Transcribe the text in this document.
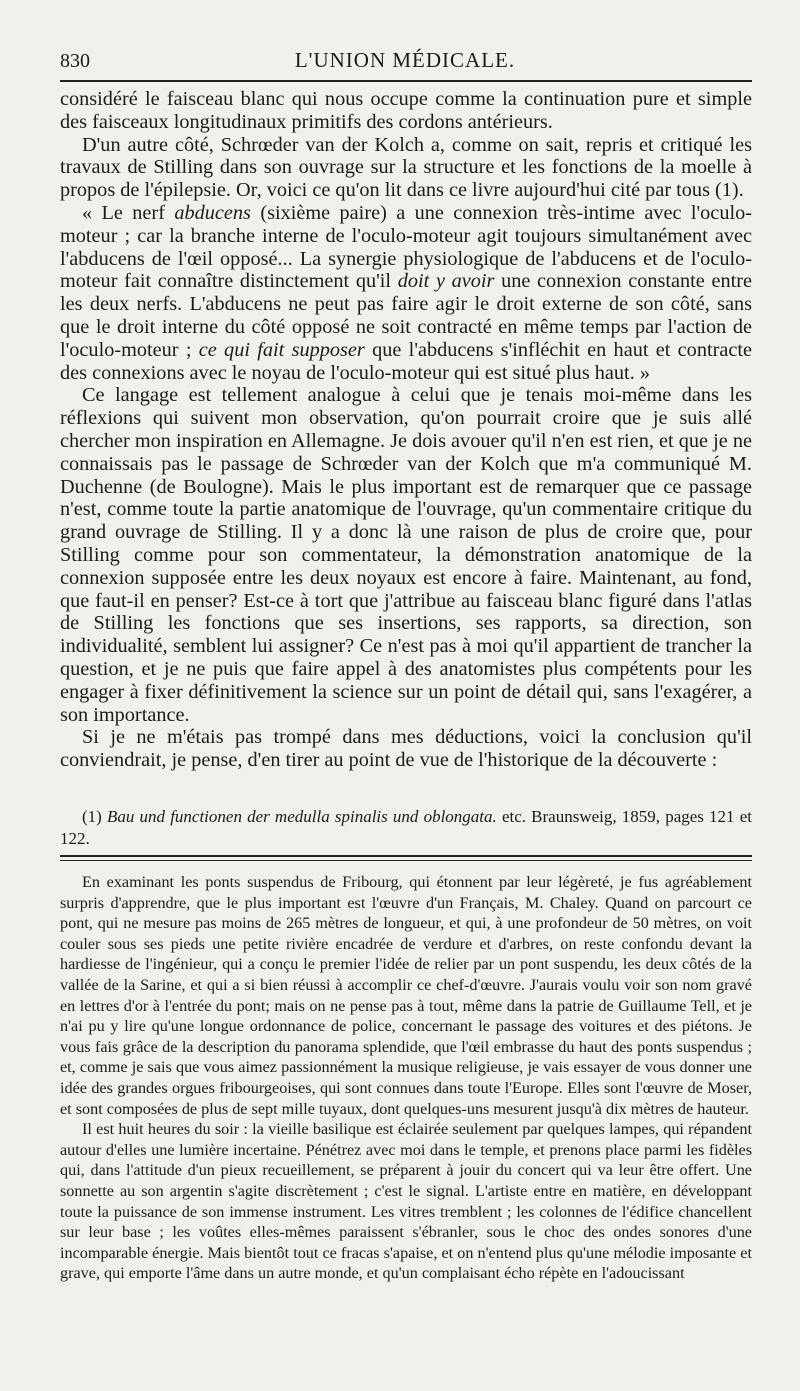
830	L'UNION MÉDICALE.

considéré le faisceau blanc qui nous occupe comme la continuation pure et simple des faisceaux longitudinaux primitifs des cordons antérieurs.

D'un autre côté, Schrœder van der Kolch a, comme on sait, repris et critiqué les travaux de Stilling dans son ouvrage sur la structure et les fonctions de la moelle à propos de l'épilepsie. Or, voici ce qu'on lit dans ce livre aujourd'hui cité par tous (1).

« Le nerf abducens (sixième paire) a une connexion très-intime avec l'oculo-moteur ; car la branche interne de l'oculo-moteur agit toujours simultanément avec l'abducens de l'œil opposé... La synergie physiologique de l'abducens et de l'oculo-moteur fait connaître distinctement qu'il doit y avoir une connexion constante entre les deux nerfs. L'abducens ne peut pas faire agir le droit externe de son côté, sans que le droit interne du côté opposé ne soit contracté en même temps par l'action de l'oculo-moteur ; ce qui fait supposer que l'abducens s'infléchit en haut et contracte des connexions avec le noyau de l'oculo-moteur qui est situé plus haut. »

Ce langage est tellement analogue à celui que je tenais moi-même dans les réflexions qui suivent mon observation, qu'on pourrait croire que je suis allé chercher mon inspiration en Allemagne. Je dois avouer qu'il n'en est rien, et que je ne connaissais pas le passage de Schrœder van der Kolch que m'a communiqué M. Duchenne (de Boulogne). Mais le plus important est de remarquer que ce passage n'est, comme toute la partie anatomique de l'ouvrage, qu'un commentaire critique du grand ouvrage de Stilling. Il y a donc là une raison de plus de croire que, pour Stilling comme pour son commentateur, la démonstration anatomique de la connexion supposée entre les deux noyaux est encore à faire. Maintenant, au fond, que faut-il en penser? Est-ce à tort que j'attribue au faisceau blanc figuré dans l'atlas de Stilling les fonctions que ses insertions, ses rapports, sa direction, son individualité, semblent lui assigner? Ce n'est pas à moi qu'il appartient de trancher la question, et je ne puis que faire appel à des anatomistes plus compétents pour les engager à fixer définitivement la science sur un point de détail qui, sans l'exagérer, a son importance.

Si je ne m'étais pas trompé dans mes déductions, voici la conclusion qu'il conviendrait, je pense, d'en tirer au point de vue de l'historique de la découverte :

(1) Bau und functionen der medulla spinalis und oblongata. etc. Braunsweig, 1859, pages 121 et 122.

En examinant les ponts suspendus de Fribourg, qui étonnent par leur légèreté, je fus agréablement surpris d'apprendre, que le plus important est l'œuvre d'un Français, M. Chaley. Quand on parcourt ce pont, qui ne mesure pas moins de 265 mètres de longueur, et qui, à une profondeur de 50 mètres, on voit couler sous ses pieds une petite rivière encadrée de verdure et d'arbres, on reste confondu devant la hardiesse de l'ingénieur, qui a conçu le premier l'idée de relier par un pont suspendu, les deux côtés de la vallée de la Sarine, et qui a si bien réussi à accomplir ce chef-d'œuvre. J'aurais voulu voir son nom gravé en lettres d'or à l'entrée du pont; mais on ne pense pas à tout, même dans la patrie de Guillaume Tell, et je n'ai pu y lire qu'une longue ordonnance de police, concernant le passage des voitures et des piétons. Je vous fais grâce de la description du panorama splendide, que l'œil embrasse du haut des ponts suspendus ; et, comme je sais que vous aimez passionnément la musique religieuse, je vais essayer de vous donner une idée des grandes orgues fribourgeoises, qui sont connues dans toute l'Europe. Elles sont l'œuvre de Moser, et sont composées de plus de sept mille tuyaux, dont quelques-uns mesurent jusqu'à dix mètres de hauteur.

Il est huit heures du soir : la vieille basilique est éclairée seulement par quelques lampes, qui répandent autour d'elles une lumière incertaine. Pénétrez avec moi dans le temple, et prenons place parmi les fidèles qui, dans l'attitude d'un pieux recueillement, se préparent à jouir du concert qui va leur être offert. Une sonnette au son argentin s'agite discrètement ; c'est le signal. L'artiste entre en matière, en développant toute la puissance de son immense instrument. Les vitres tremblent ; les colonnes de l'édifice chancellent sur leur base ; les voûtes elles-mêmes paraissent s'ébranler, sous le choc des ondes sonores d'une incomparable énergie. Mais bientôt tout ce fracas s'apaise, et on n'entend plus qu'une mélodie imposante et grave, qui emporte l'âme dans un autre monde, et qu'un complaisant écho répète en l'adoucissant
